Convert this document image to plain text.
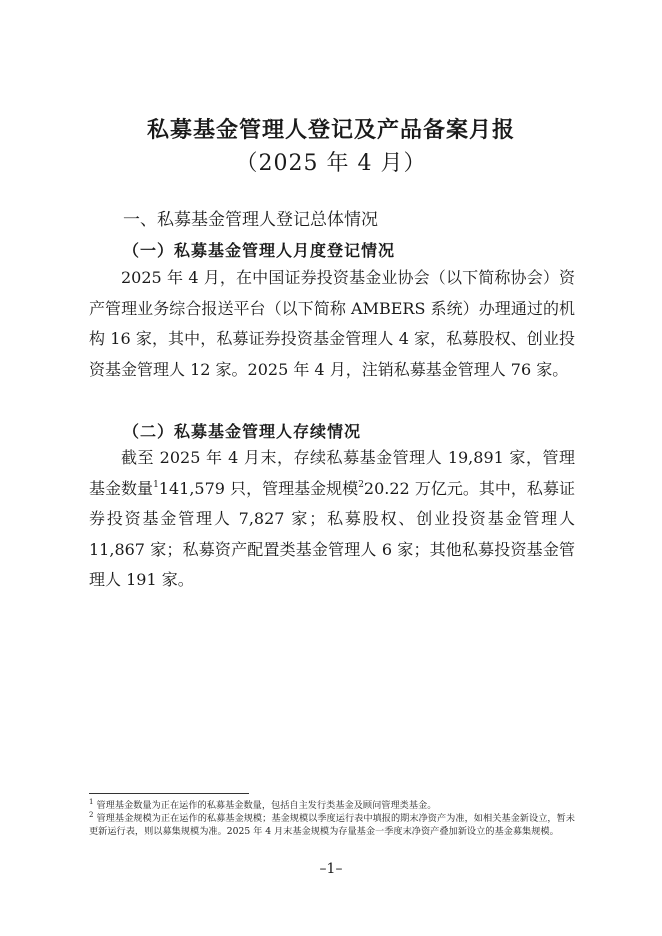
私募基金管理人登记及产品备案月报
（2025 年 4 月）
一、私募基金管理人登记总体情况
（一）私募基金管理人月度登记情况

2025 年 4 月，在中国证券投资基金业协会（以下简称协会）资产管理业务综合报送平台（以下简称 AMBERS 系统）办理通过的机构 16 家，其中，私募证券投资基金管理人 4 家，私募股权、创业投资基金管理人 12 家。2025 年 4 月，注销私募基金管理人 76 家。

（二）私募基金管理人存续情况

截至 2025 年 4 月末，存续私募基金管理人 19,891 家，管理基金数量$^1$141,579 只，管理基金规模$^2$20.22 万亿元。其中，私募证券投资基金管理人 7,827 家；私募股权、创业投资基金管理人 11,867 家；私募资产配置类基金管理人 6 家；其他私募投资基金管理人 191 家。

$^1$ 管理基金数量为正在运作的私募基金数量，包括自主发行类基金及顾问管理类基金。

$^2$ 管理基金规模为正在运作的私募基金规模；基金规模以季度运行表中填报的期末净资产为准，如相关基金新设立，暂未更新运行表，则以募集规模为准。2025 年 4 月末基金规模为存量基金一季度末净资产叠加新设立的基金募集规模。

–1–
